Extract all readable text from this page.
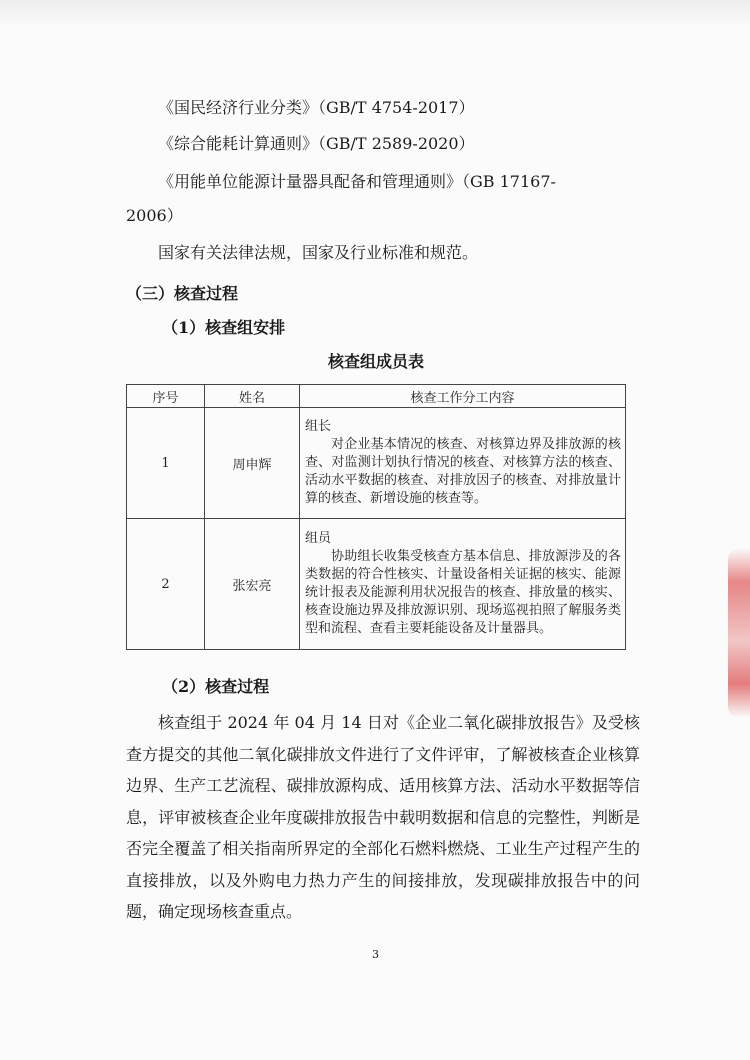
《国民经济行业分类》（GB/T 4754-2017）
《综合能耗计算通则》（GB/T 2589-2020）
《用能单位能源计量器具配备和管理通则》（GB 17167-
2006）
国家有关法律法规，国家及行业标准和规范。
（三）核查过程
（1）核查组安排
核查组成员表
序号	姓名	核查工作分工内容
1	周申辉	组长
对企业基本情况的核查、对核算边界及排放源的核查、对监测计划执行情况的核查、对核算方法的核查、活动水平数据的核查、对排放因子的核查、对排放量计算的核查、新增设施的核查等。

2	张宏亮	组员
协助组长收集受核查方基本信息、排放源涉及的各类数据的符合性核实、计量设备相关证据的核实、能源统计报表及能源利用状况报告的核查、排放量的核实、核查设施边界及排放源识别、现场巡视拍照了解服务类型和流程、查看主要耗能设备及计量器具。
（2）核查过程
核查组于 2024 年 04 月 14 日对《企业二氧化碳排放报告》及受核查方提交的其他二氧化碳排放文件进行了文件评审，了解被核查企业核算边界、生产工艺流程、碳排放源构成、适用核算方法、活动水平数据等信息，评审被核查企业年度碳排放报告中载明数据和信息的完整性，判断是否完全覆盖了相关指南所界定的全部化石燃料燃烧、工业生产过程产生的直接排放，以及外购电力热力产生的间接排放，发现碳排放报告中的问题，确定现场核查重点。
3
